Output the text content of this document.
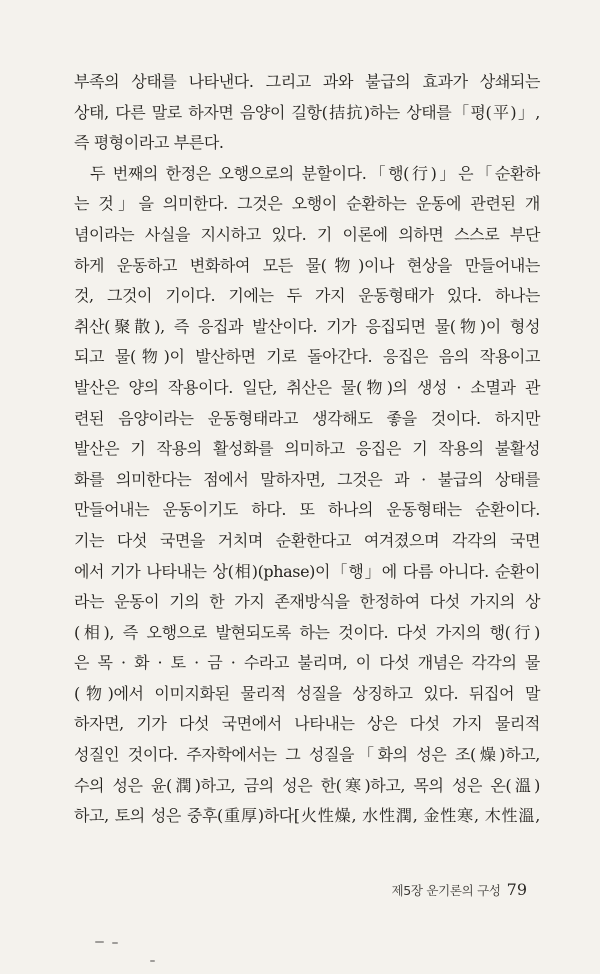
부족의 상태를 나타낸다. 그리고 과와 불급의 효과가 상쇄되는
상태, 다른 말로 하자면 음양이 길항(拮抗)하는 상태를「평(平)」,
즉 평형이라고 부른다.
두 번째의 한정은 오행으로의 분할이다.「행(行)」은「순환하
는 것」을 의미한다. 그것은 오행이 순환하는 운동에 관련된 개
념이라는 사실을 지시하고 있다. 기 이론에 의하면 스스로 부단
하게 운동하고 변화하여 모든 물(物)이나 현상을 만들어내는
것, 그것이 기이다. 기에는 두 가지 운동형태가 있다. 하나는
취산(聚散), 즉 응집과 발산이다. 기가 응집되면 물(物)이 형성
되고 물(物)이 발산하면 기로 돌아간다. 응집은 음의 작용이고
발산은 양의 작용이다. 일단, 취산은 물(物)의 생성 · 소멸과 관
련된 음양이라는 운동형태라고 생각해도 좋을 것이다. 하지만
발산은 기 작용의 활성화를 의미하고 응집은 기 작용의 불활성
화를 의미한다는 점에서 말하자면, 그것은 과 · 불급의 상태를
만들어내는 운동이기도 하다. 또 하나의 운동형태는 순환이다.
기는 다섯 국면을 거치며 순환한다고 여겨졌으며 각각의 국면
에서 기가 나타내는 상(相)(phase)이「행」에 다름 아니다. 순환이
라는 운동이 기의 한 가지 존재방식을 한정하여 다섯 가지의 상
(相), 즉 오행으로 발현되도록 하는 것이다. 다섯 가지의 행(行)
은 목 · 화 · 토 · 금 · 수라고 불리며, 이 다섯 개념은 각각의 물
(物)에서 이미지화된 물리적 성질을 상징하고 있다. 뒤집어 말
하자면, 기가 다섯 국면에서 나타내는 상은 다섯 가지 물리적
성질인 것이다. 주자학에서는 그 성질을「화의 성은 조(燥)하고,
수의 성은 윤(潤)하고, 금의 성은 한(寒)하고, 목의 성은 온(溫)
하고, 토의 성은 중후(重厚)하다[火性燥, 水性潤, 金性寒, 木性溫,
제5장 운기론의 구성 79
